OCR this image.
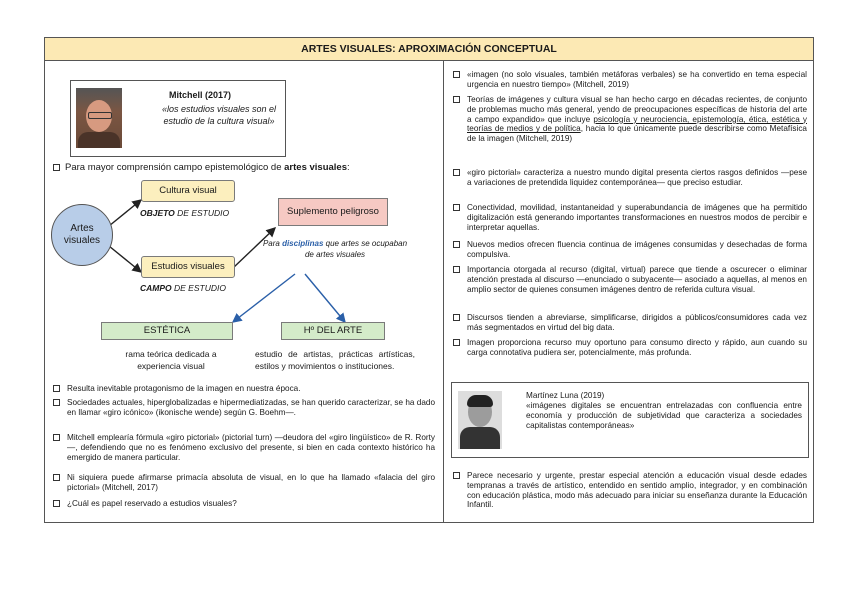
ARTES VISUALES: APROXIMACIÓN CONCEPTUAL
Mitchell (2017)
«los estudios visuales son el estudio de la cultura visual»
Para mayor comprensión campo epistemológico de artes visuales:
Artes visuales
Cultura visual
OBJETO DE ESTUDIO
Estudios visuales
CAMPO DE ESTUDIO
Suplemento peligroso
Para disciplinas que artes se ocupaban de artes visuales
ESTÉTICA	Hº DEL ARTE
rama teórica dedicada a experiencia visual
estudio de artistas, prácticas artísticas, estilos y movimientos o instituciones.
Resulta inevitable protagonismo de la imagen en nuestra época.
Sociedades actuales, hiperglobalizadas e hipermediatizadas, se han querido caracterizar, se ha dado en llamar «giro icónico» (ikonische wende) según G. Boehm—.
Mitchell emplearía fórmula «giro pictorial» (pictorial turn) —deudora del «giro lingüístico» de R. Rorty—, defendiendo que no es fenómeno exclusivo del presente, si bien en cada contexto histórico ha emergido de manera particular.
Ni siquiera puede afirmarse primacía absoluta de visual, en lo que ha llamado «falacia del giro pictorial» (Mitchell, 2017)
¿Cuál es papel reservado a estudios visuales?
«imagen (no solo visuales, también metáforas verbales) se ha convertido en tema especial urgencia en nuestro tiempo» (Mitchell, 2019)
Teorías de imágenes y cultura visual se han hecho cargo en décadas recientes, de conjunto de problemas mucho más general, yendo de preocupaciones específicas de historia del arte a campo expandido» que incluye psicología y neurociencia, epistemología, ética, estética y teorías de medios y de política, hacia lo que únicamente puede describirse como Metafísica de la imagen (Mitchell, 2019)
«giro pictorial» caracteriza a nuestro mundo digital presenta ciertos rasgos definidos —pese a variaciones de pretendida liquidez contemporánea— que preciso estudiar.
Conectividad, movilidad, instantaneidad y superabundancia de imágenes que ha permitido digitalización está generando importantes transformaciones en nuestros modos de percibir e interpretar aquellas.
Nuevos medios ofrecen fluencia continua de imágenes consumidas y desechadas de forma compulsiva.
Importancia otorgada al recurso (digital, virtual) parece que tiende a oscurecer o eliminar atención prestada al discurso —enunciado o subyacente— asociado a aquellas, al menos en amplio sector de quienes consumen imágenes dentro de referida cultura visual.
Discursos tienden a abreviarse, simplificarse, dirigidos a públicos/consumidores cada vez más segmentados en virtud del big data.
Imagen proporciona recurso muy oportuno para consumo directo y rápido, aun cuando su carga connotativa pudiera ser, potencialmente, más profunda.
Martínez Luna (2019)
«imágenes digitales se encuentran entrelazadas con confluencia entre economía y producción de subjetividad que caracteriza a sociedades capitalistas contemporáneas»
Parece necesario y urgente, prestar especial atención a educación visual desde edades tempranas a través de artístico, entendido en sentido amplio, integrador, y en combinación con educación plástica, modo más adecuado para iniciar su enseñanza durante la Educación Infantil.
